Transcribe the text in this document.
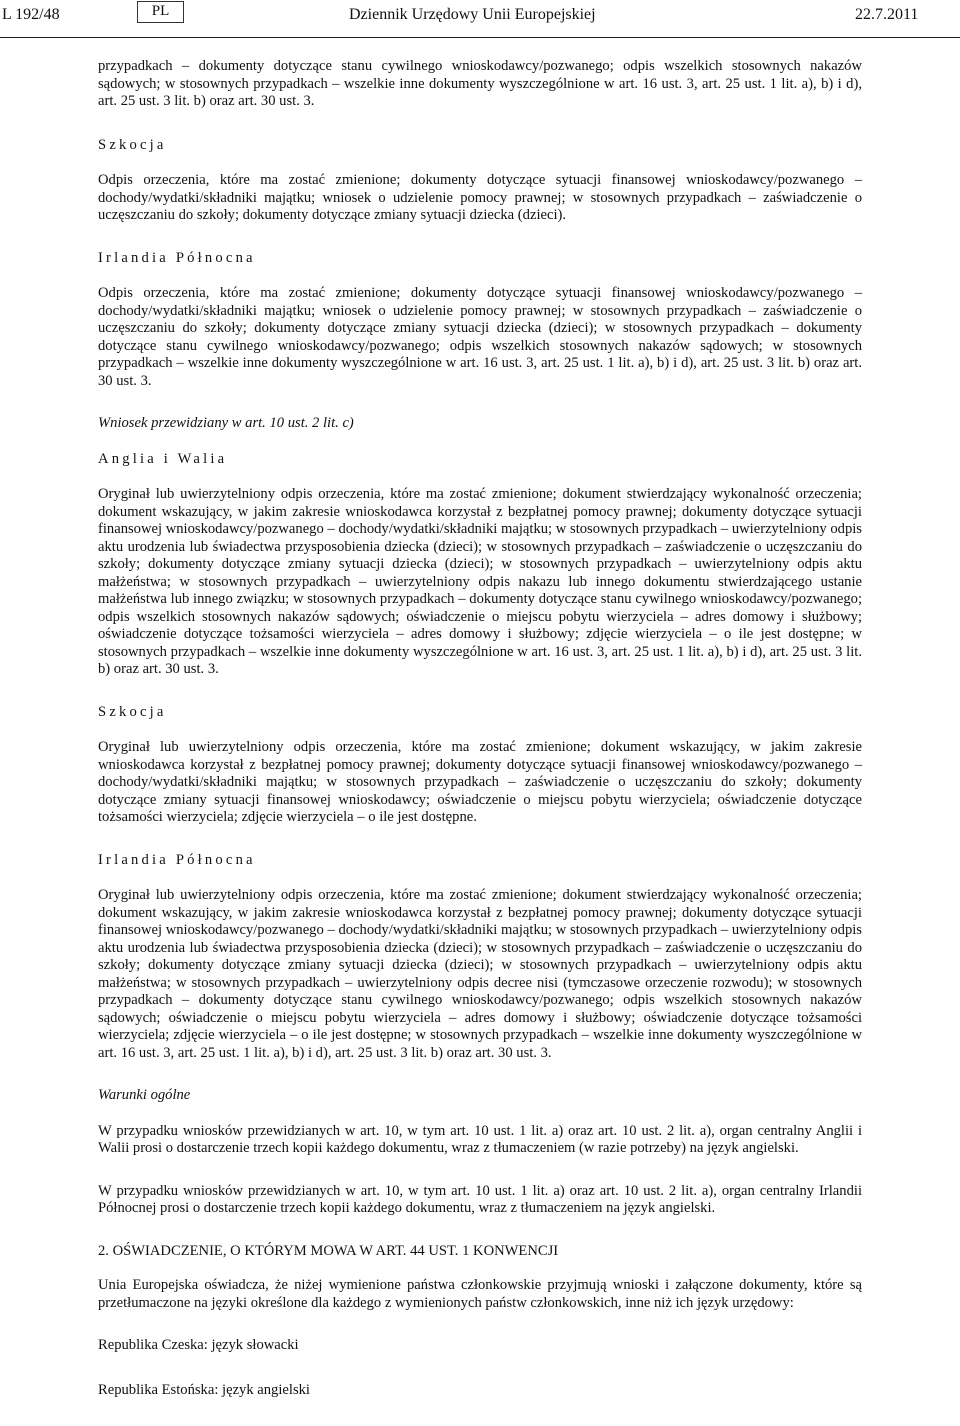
L 192/48	PL	Dziennik Urzędowy Unii Europejskiej	22.7.2011

przypadkach – dokumenty dotyczące stanu cywilnego wnioskodawcy/pozwanego; odpis wszelkich stosownych nakazów sądowych; w stosownych przypadkach – wszelkie inne dokumenty wyszczególnione w art. 16 ust. 3, art. 25 ust. 1 lit. a), b) i d), art. 25 ust. 3 lit. b) oraz art. 30 ust. 3.

Szkocja

Odpis orzeczenia, które ma zostać zmienione; dokumenty dotyczące sytuacji finansowej wnioskodawcy/pozwanego – dochody/wydatki/składniki majątku; wniosek o udzielenie pomocy prawnej; w stosownych przypadkach – zaświadczenie o uczęszczaniu do szkoły; dokumenty dotyczące zmiany sytuacji dziecka (dzieci).

Irlandia Północna

Odpis orzeczenia, które ma zostać zmienione; dokumenty dotyczące sytuacji finansowej wnioskodawcy/pozwanego – dochody/wydatki/składniki majątku; wniosek o udzielenie pomocy prawnej; w stosownych przypadkach – zaświadczenie o uczęszczaniu do szkoły; dokumenty dotyczące zmiany sytuacji dziecka (dzieci); w stosownych przypadkach – dokumenty dotyczące stanu cywilnego wnioskodawcy/pozwanego; odpis wszelkich stosownych nakazów sądowych; w stosownych przypadkach – wszelkie inne dokumenty wyszczególnione w art. 16 ust. 3, art. 25 ust. 1 lit. a), b) i d), art. 25 ust. 3 lit. b) oraz art. 30 ust. 3.

Wniosek przewidziany w art. 10 ust. 2 lit. c)

Anglia i Walia

Oryginał lub uwierzytelniony odpis orzeczenia, które ma zostać zmienione; dokument stwierdzający wykonalność orzeczenia; dokument wskazujący, w jakim zakresie wnioskodawca korzystał z bezpłatnej pomocy prawnej; dokumenty dotyczące sytuacji finansowej wnioskodawcy/pozwanego – dochody/wydatki/składniki majątku; w stosownych przypadkach – uwierzytelniony odpis aktu urodzenia lub świadectwa przysposobienia dziecka (dzieci); w stosownych przypadkach – zaświadczenie o uczęszczaniu do szkoły; dokumenty dotyczące zmiany sytuacji dziecka (dzieci); w stosownych przypadkach – uwierzytelniony odpis aktu małżeństwa; w stosownych przypadkach – uwierzytelniony odpis nakazu lub innego dokumentu stwierdzającego ustanie małżeństwa lub innego związku; w stosownych przypadkach – dokumenty dotyczące stanu cywilnego wnioskodawcy/pozwanego; odpis wszelkich stosownych nakazów sądowych; oświadczenie o miejscu pobytu wierzyciela – adres domowy i służbowy; oświadczenie dotyczące tożsamości wierzyciela – adres domowy i służbowy; zdjęcie wierzyciela – o ile jest dostępne; w stosownych przypadkach – wszelkie inne dokumenty wyszczególnione w art. 16 ust. 3, art. 25 ust. 1 lit. a), b) i d), art. 25 ust. 3 lit. b) oraz art. 30 ust. 3.

Szkocja

Oryginał lub uwierzytelniony odpis orzeczenia, które ma zostać zmienione; dokument wskazujący, w jakim zakresie wnioskodawca korzystał z bezpłatnej pomocy prawnej; dokumenty dotyczące sytuacji finansowej wnioskodawcy/pozwanego – dochody/wydatki/składniki majątku; w stosownych przypadkach – zaświadczenie o uczęszczaniu do szkoły; dokumenty dotyczące zmiany sytuacji finansowej wnioskodawcy; oświadczenie o miejscu pobytu wierzyciela; oświadczenie dotyczące tożsamości wierzyciela; zdjęcie wierzyciela – o ile jest dostępne.

Irlandia Północna

Oryginał lub uwierzytelniony odpis orzeczenia, które ma zostać zmienione; dokument stwierdzający wykonalność orzeczenia; dokument wskazujący, w jakim zakresie wnioskodawca korzystał z bezpłatnej pomocy prawnej; dokumenty dotyczące sytuacji finansowej wnioskodawcy/pozwanego – dochody/wydatki/składniki majątku; w stosownych przypadkach – uwierzytelniony odpis aktu urodzenia lub świadectwa przysposobienia dziecka (dzieci); w stosownych przypadkach – zaświadczenie o uczęszczaniu do szkoły; dokumenty dotyczące zmiany sytuacji dziecka (dzieci); w stosownych przypadkach – uwierzytelniony odpis aktu małżeństwa; w stosownych przypadkach – uwierzytelniony odpis decree nisi (tymczasowe orzeczenie rozwodu); w stosownych przypadkach – dokumenty dotyczące stanu cywilnego wnioskodawcy/pozwanego; odpis wszelkich stosownych nakazów sądowych; oświadczenie o miejscu pobytu wierzyciela – adres domowy i służbowy; oświadczenie dotyczące tożsamości wierzyciela; zdjęcie wierzyciela – o ile jest dostępne; w stosownych przypadkach – wszelkie inne dokumenty wyszczególnione w art. 16 ust. 3, art. 25 ust. 1 lit. a), b) i d), art. 25 ust. 3 lit. b) oraz art. 30 ust. 3.

Warunki ogólne

W przypadku wniosków przewidzianych w art. 10, w tym art. 10 ust. 1 lit. a) oraz art. 10 ust. 2 lit. a), organ centralny Anglii i Walii prosi o dostarczenie trzech kopii każdego dokumentu, wraz z tłumaczeniem (w razie potrzeby) na język angielski.

W przypadku wniosków przewidzianych w art. 10, w tym art. 10 ust. 1 lit. a) oraz art. 10 ust. 2 lit. a), organ centralny Irlandii Północnej prosi o dostarczenie trzech kopii każdego dokumentu, wraz z tłumaczeniem na język angielski.

2. OŚWIADCZENIE, O KTÓRYM MOWA W ART. 44 UST. 1 KONWENCJI

Unia Europejska oświadcza, że niżej wymienione państwa członkowskie przyjmują wnioski i załączone dokumenty, które są przetłumaczone na języki określone dla każdego z wymienionych państw członkowskich, inne niż ich język urzędowy:

Republika Czeska: język słowacki

Republika Estońska: język angielski
